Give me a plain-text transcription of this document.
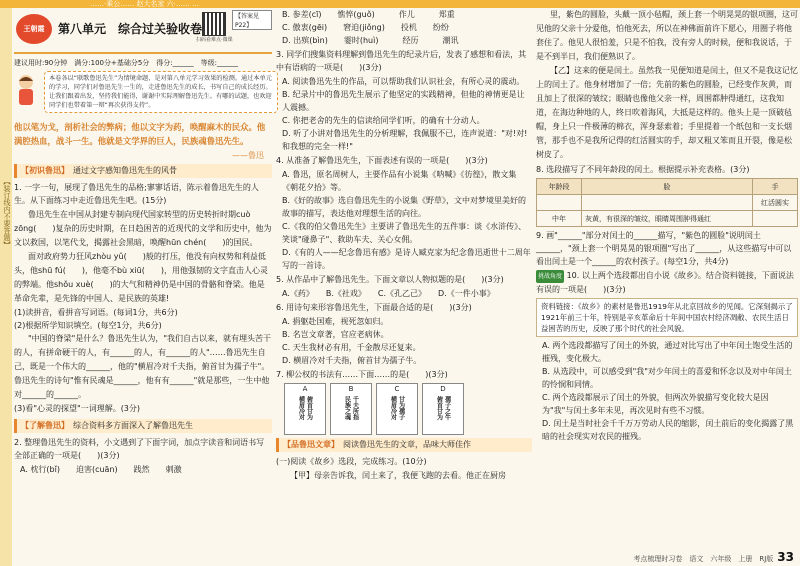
……·乘公…… 赵大名家 六·…… …
【装订线内不要答题】
王朝霞	第八单元　综合过关验收卷
扫码看难点·微课
【答案见P22】
建议用时:90分钟　满分:100分+基础分5分　得分:______　等级:______
本卷各以“联歌鲁迅先生”为情境命题，是对第八单元学习效果的检测。通过本单元的学习，同学们对鲁迅先生一生的，走进鲁迅先生的成长，书写自己的成长经历。让我们跟着出发，坚持我们能得，谢谢中实际理解鲁迅先生。有哪的试题，也欢迎同学们也带着第一辩“再次获得支持”。

他以笔为戈，剖析社会的弊病；他以文字为药，唤醒麻木的民众。他满腔热血，战斗一生。他就是文学界的巨人，民族魂鲁迅先生。

——鲁迅

【初识鲁迅】 通过文字感知鲁迅先生的风骨

1. 一字一句，展现了鲁迅先生的品格;寥寥话语，陈示着鲁迅先生的人生。从下面练习中走近鲁迅先生吧。(15分)

鲁迅先生在中国从封建专制向现代国家转型的历史转折时期cuò zōng(　　)复杂的历史时期，在日趋困苦的近现代的文学和历史中，他为文以救国，以笔代戈，揭露社会黑暗，唤醒hūn chén(　　)的国民。

面对政府势力狂风zhòu yǔ(　　)般的打压，他没有向权势和利益低头，他shū fú(　　)，他毫不bù xiū(　　)，用他强韧的文字直击人心灵的弊端。他shǒu xuè(　　)的大气和精神仍是中国的骨骼和脊梁。他是革命先辈，是先锋的中国人、是民族的英雄!

(1)读拼音，看拼音写词语。(每词1分，共6分)

(2)根据所学知识填空。(每空1分，共6分)

"中国的脊梁"是什么？鲁迅先生认为，"我们自古以来，就有埋头苦干的人，有拼命硬干的人，有______的人，有______的人"……鲁迅先生自己，既是一个伟大的______，他的"横眉冷对千夫指，俯首甘为孺子牛"。鲁迅先生的诗句"惟有民魂是______，他有有______"就是那些，一生中他对______的______。

(3)看"心灵的探望"一词理解。(3分)

【了解鲁迅】 综合资料多方面深入了解鲁迅先生

2. 整理鲁迅先生的资料，小文遇到了下面字词，加点字读音和词语书写全部正确的一项是(　　)(3分)

A. 枕行(bǐ)　　迫害(cuān)　　践然　　刺激

B. 参差(cī)　　憔悴(guǒ)　　　作儿　　　郑重

C. 傲衷(gēi)　　窘迫(jiǒng)　　投机　　纷纷

D. 出殡(bìn)　　霎时(huì)　　　经历　　　潮讯

3. 同学们搜集资料理解到鲁迅先生的纪录片后，发表了感想和看法，其中有语病的一项是(　　)(3分)

A. 阅读鲁迅先生的作品，可以帮助我们认识社会，有所心灵的震动。

B. 纪录片中的鲁迅先生展示了他坚定的实践精神，但他的神情更是让人震撼。

C. 你把老舍的先生的信读给同学们听，的确有十分动人。

D. 听了小讲对鲁迅先生的分析理解，我佩服不已，连声说道："对!对! 和我想的完全一样!"

4. 从准备了解鲁迅先生，下面表述有误的一项是(　　)(3分)

A. 鲁迅，原名周树人，主要作品有小说集《呐喊》《彷徨》，散文集《朝花夕拾》等。

B.《好的故事》选自鲁迅先生的小说集《野草》，文中对梦境里美好的故事的描写，表达他对理想生活的向往。

C.《我的伯父鲁迅先生》主要讲了鲁迅先生的五件事：谈《水浒传》、笑谈"碰鼻子"、救助车夫、关心女佣。

D.《有的人——纪念鲁迅有感》是诗人臧克家为纪念鲁迅逝世十二周年写的一首诗。

5. 从作品中了解鲁迅先生。下面文章以人物拟题的是(　　)(3分)

A.《药》　　B.《社戏》　　C.《孔乙己》　　D.《一件小事》

6. 用诗句来形容鲁迅先生，下面最合适的是(　　)(3分)

A. 捐躯赴国难，视死忽如归。

B. 名岂文章著，官应老病休。

C. 天生我材必有用，千金散尽还复来。

D. 横眉冷对千夫指，俯首甘为孺子牛。

7. 柳公权的书法有……下面……的是(　　)(3分)

A
横眉冷对 俯首甘为
B
民族之魂 千夫所指
C
横眉冷对 甘为孺子
D
俯首甘为 孺子之牛
【品鲁迅文章】 阅读鲁迅先生的文章，品味大师佳作

(一)阅读《故乡》选段，完成练习。(10分)

【甲】母亲告诉我，闰土来了，我便飞跑的去看。他正在厨房

里，紫色的圆脸，头戴一顶小毡帽，颈上套一个明晃晃的银项圈，这可见他的父亲十分爱他，怕他死去，所以在神佛面前许下愿心，用圈子将他套住了。他见人很怕羞，只是不怕我，没有旁人的时候，便和我说话，于是不到半日，我们便熟识了。

【乙】这来的便是闰土。虽然我一见便知道是闰土，但又不是我这记忆上的闰土了。他身材增加了一倍；先前的紫色的圆脸，已经变作灰黄，而且加上了很深的皱纹；眼睛也像他父亲一样，周围都肿得通红，这我知道，在海边种地的人，终日吹着海风，大抵是这样的。他头上是一顶破毡帽，身上只一件极薄的棉衣，浑身瑟索着；手里提着一个纸包和一支长烟管，那手也不是我所记得的红活圆实的手，却又粗又笨而且开裂，像是松树皮了。

8. 选段描写了不同年龄段的闰土。根据提示补充表格。(3分)

年龄段	脸	手
		红活圆实
中年	灰黄，有很深的皱纹，眼睛周围肿得通红	

9. 画"______"部分对闰土的______描写，"紫色的圆脸"说明闰土______，"颈上套一个明晃晃的银项圈"写出了______，从这些描写中可以看出闰土是一个______的农村孩子。(每空1分，共4分)

挑战角度 10. 以上两个选段都出自小说《故乡》。结合资料链接，下面说法有误的一项是(　　)(3分)

资料链接：《故乡》的素材是鲁迅1919年从北京回故乡的见闻。它深刻揭示了1921年前三十年，特别是辛亥革命后十年间中国农村经济凋敝、农民生活日益困苦的历史，反映了那个时代的社会风貌。

A. 两个选段都描写了闰土的外貌，通过对比写出了中年闰土饱受生活的摧残，变化极大。

B. 从选段中，可以感受到"我"对少年闰土的喜爱和怀念以及对中年闰土的怜悯和同情。

C. 两个选段都展示了闰土的外貌，但两次外貌描写变化较大是因为"我"与闰土多年未见，再次见时有些不习惯。

D. 闰土是当时社会千千万万劳动人民的缩影，闰土前后的变化揭露了黑暗的社会现实对农民的摧残。

考点梳理时习卷　语文　六年级　上册　RJ版 33
